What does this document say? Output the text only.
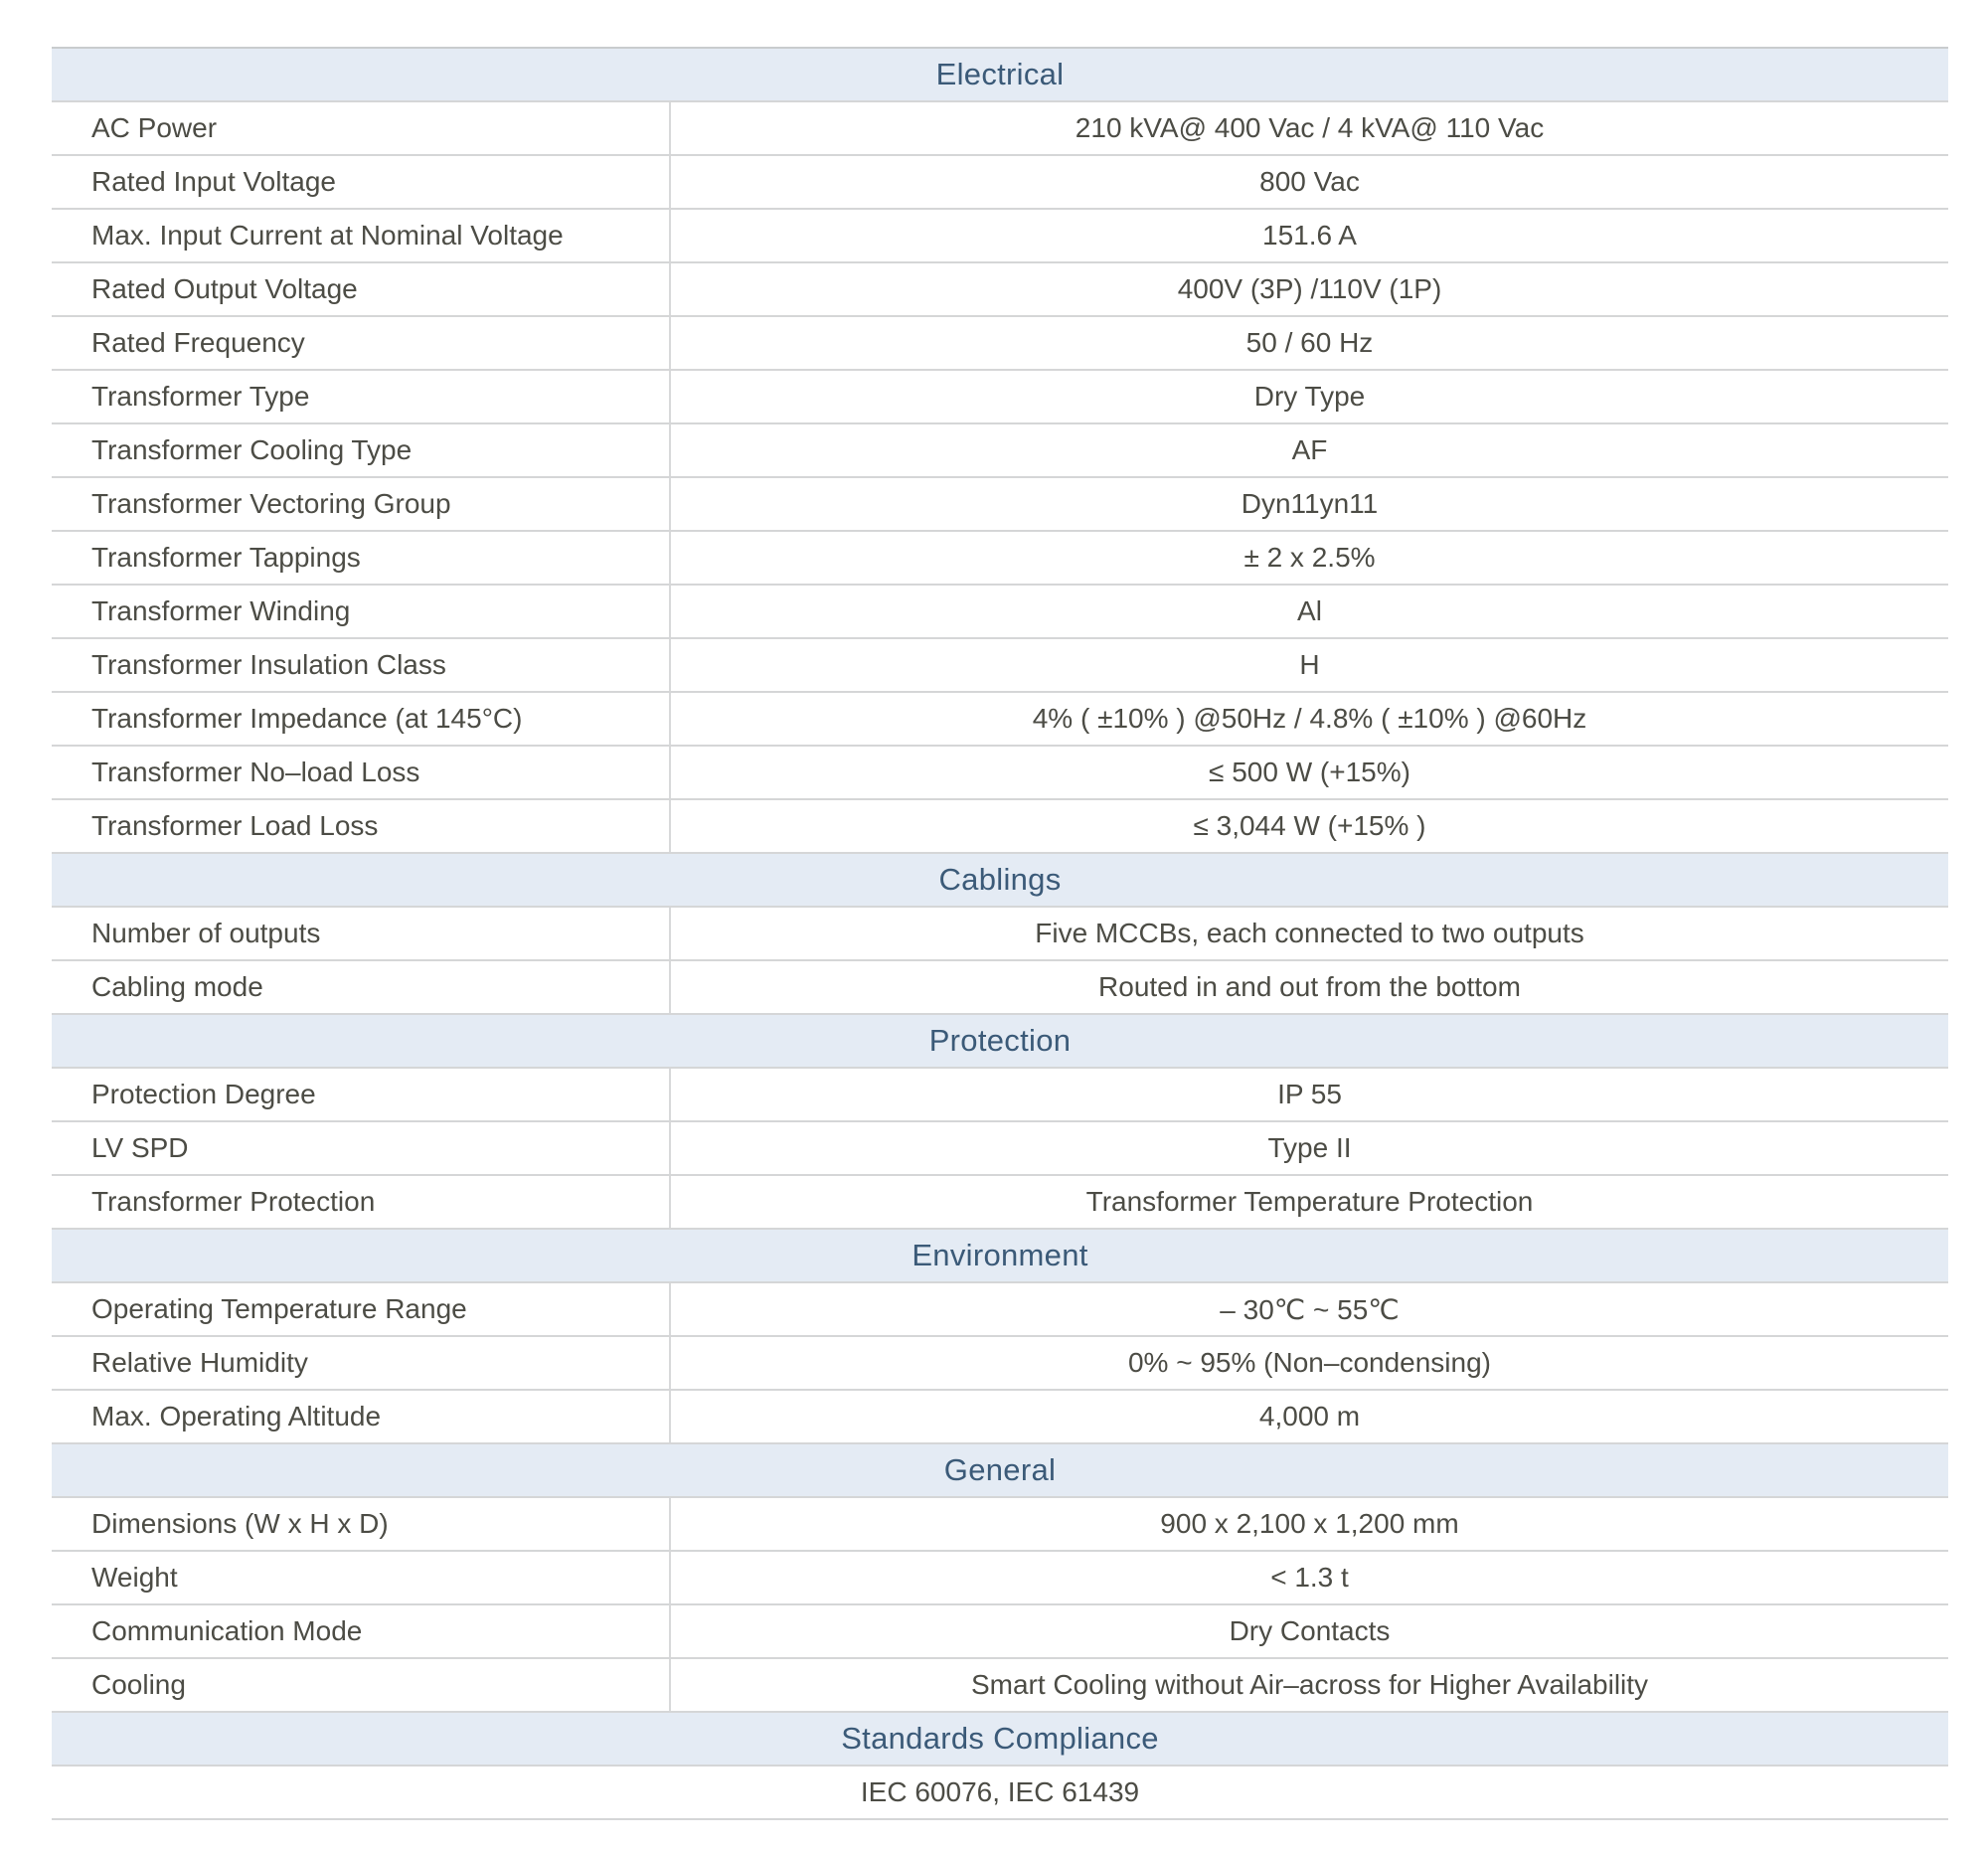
Electrical
AC Power	210 kVA@ 400 Vac / 4 kVA@ 110 Vac
Rated Input Voltage	800 Vac
Max. Input Current at Nominal Voltage	151.6 A
Rated Output Voltage	400V (3P) /110V (1P)
Rated Frequency	50 / 60 Hz
Transformer Type	Dry Type
Transformer Cooling Type	AF
Transformer Vectoring Group	Dyn11yn11
Transformer Tappings	± 2 x 2.5%
Transformer Winding	Al
Transformer Insulation Class	H
Transformer Impedance (at 145°C)	4% ( ±10% ) @50Hz / 4.8% ( ±10% ) @60Hz
Transformer No–load Loss	≤ 500 W (+15%)
Transformer Load Loss	≤ 3,044 W (+15% )
Cablings
Number of outputs	Five MCCBs, each connected to two outputs
Cabling mode	Routed in and out from the bottom
Protection
Protection Degree	IP 55
LV SPD	Type II
Transformer Protection	Transformer Temperature Protection
Environment
Operating Temperature Range	– 30℃ ~ 55℃
Relative Humidity	0% ~ 95% (Non–condensing)
Max. Operating Altitude	4,000 m
General
Dimensions (W x H x D)	900 x 2,100 x 1,200 mm
Weight	< 1.3 t
Communication Mode	Dry Contacts
Cooling	Smart Cooling without Air–across for Higher Availability
Standards Compliance
IEC 60076, IEC 61439
